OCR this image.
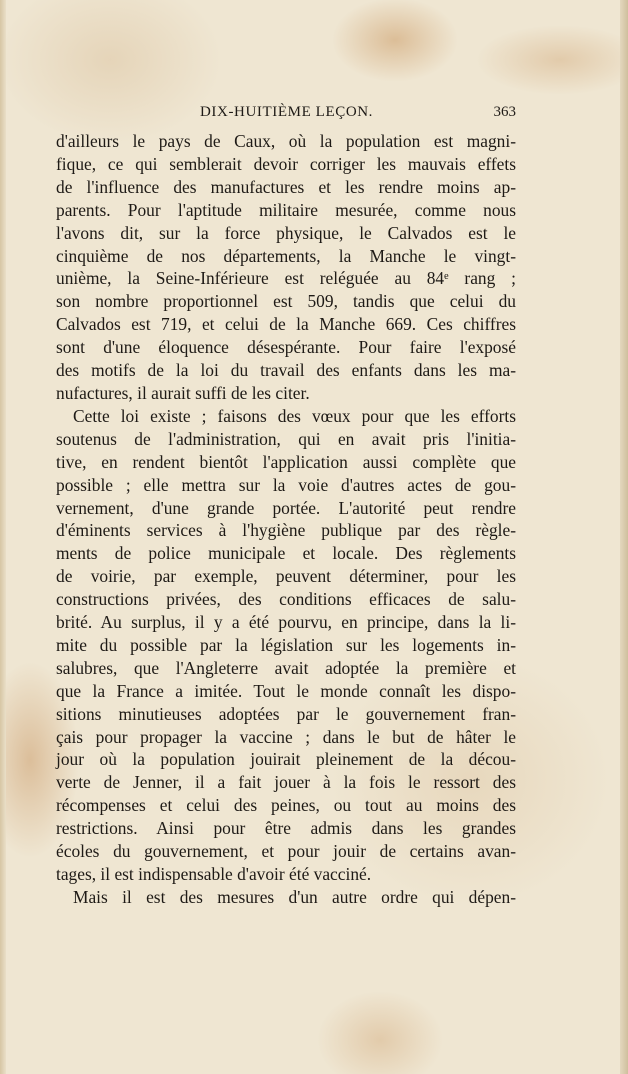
DIX-HUITIÈME LEÇON.	363
d'ailleurs le pays de Caux, où la population est magni-
fique, ce qui semblerait devoir corriger les mauvais effets
de l'influence des manufactures et les rendre moins ap-
parents. Pour l'aptitude militaire mesurée, comme nous
l'avons dit, sur la force physique, le Calvados est le
cinquième de nos départements, la Manche le vingt-
unième, la Seine-Inférieure est reléguée au 84ᵉ rang ;
son nombre proportionnel est 509, tandis que celui du
Calvados est 719, et celui de la Manche 669. Ces chiffres
sont d'une éloquence désespérante. Pour faire l'exposé
des motifs de la loi du travail des enfants dans les ma-
nufactures, il aurait suffi de les citer.
Cette loi existe ; faisons des vœux pour que les efforts
soutenus de l'administration, qui en avait pris l'initia-
tive, en rendent bientôt l'application aussi complète que
possible ; elle mettra sur la voie d'autres actes de gou-
vernement, d'une grande portée. L'autorité peut rendre
d'éminents services à l'hygiène publique par des règle-
ments de police municipale et locale. Des règlements
de voirie, par exemple, peuvent déterminer, pour les
constructions privées, des conditions efficaces de salu-
brité. Au surplus, il y a été pourvu, en principe, dans la li-
mite du possible par la législation sur les logements in-
salubres, que l'Angleterre avait adoptée la première et
que la France a imitée. Tout le monde connaît les dispo-
sitions minutieuses adoptées par le gouvernement fran-
çais pour propager la vaccine ; dans le but de hâter le
jour où la population jouirait pleinement de la décou-
verte de Jenner, il a fait jouer à la fois le ressort des
récompenses et celui des peines, ou tout au moins des
restrictions. Ainsi pour être admis dans les grandes
écoles du gouvernement, et pour jouir de certains avan-
tages, il est indispensable d'avoir été vacciné.
Mais il est des mesures d'un autre ordre qui dépen-
